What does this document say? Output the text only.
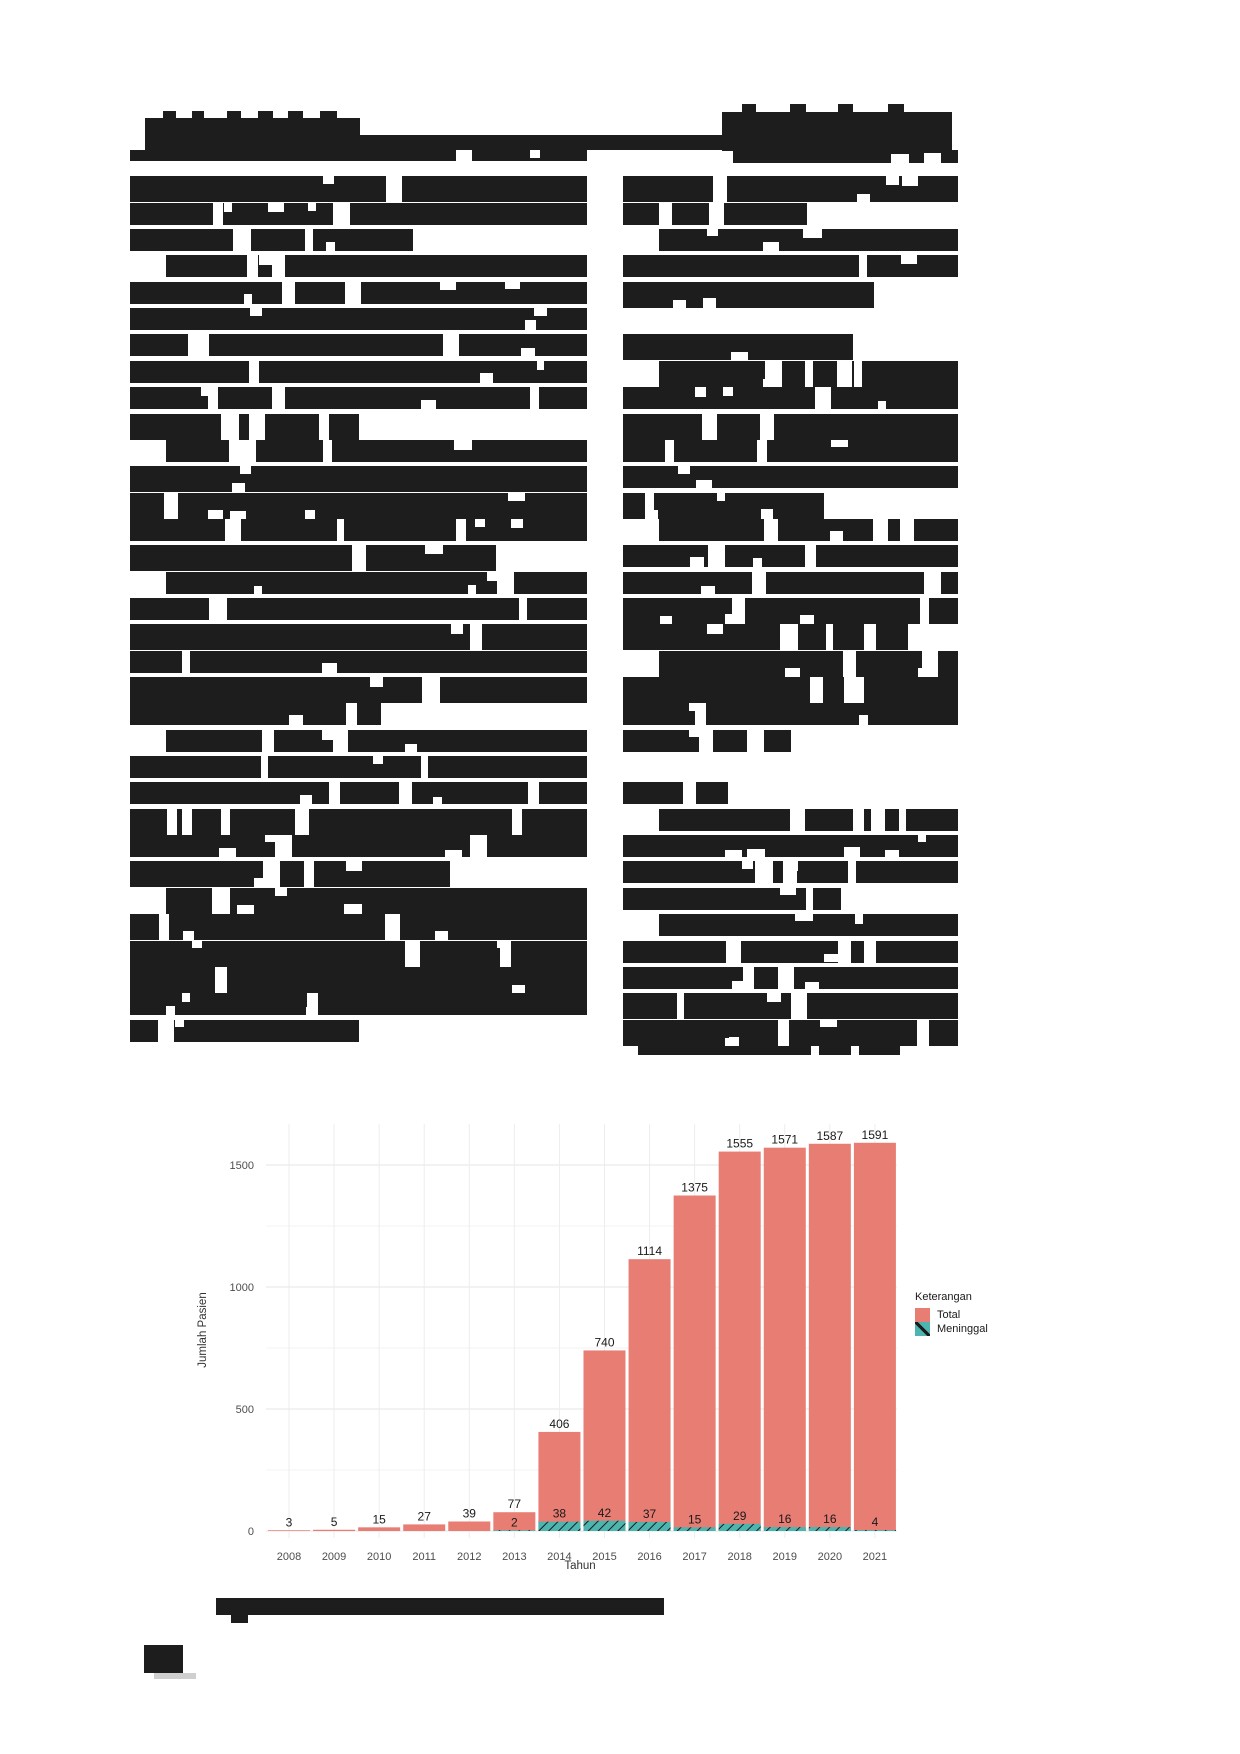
0
500
1000
1500
2008 2009 2010 2011 2012 2013 2014 2015 2016 2017 2018 2019 2020 2021
3	5	15	27	39
77
406
740
1114
1375
1555 1571 1587 1591
2
38	42	37	15	29	16	16	4
Jumlah Pasien
Tahun
Keterangan
Total
Meninggal
